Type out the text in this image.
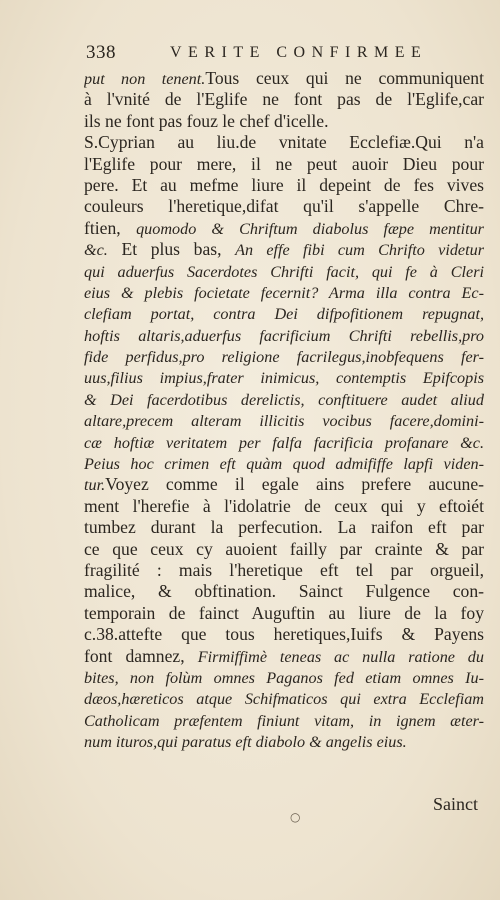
338	VERITE CONFIRMEE
put non tenent.Tous ceux qui ne communiquent
à l'vnité de l'Eglife ne font pas de l'Eglife,car
ils ne font pas fouz le chef d'icelle.
S.Cyprian au liu.de vnitate Ecclefiæ.Qui n'a
l'Eglife pour mere, il ne peut auoir Dieu pour
pere. Et au mefme liure il depeint de fes vives
couleurs l'heretique,difat qu'il s'appelle Chre-
ftien, quomodo & Chriftum diabolus fæpe mentitur
&c. Et plus bas, An effe fibi cum Chrifto videtur
qui aduerfus Sacerdotes Chrifti facit, qui fe à Cleri
eius & plebis focietate fecernit? Arma illa contra Ec-
clefiam portat, contra Dei difpofitionem repugnat,
hoftis altaris,aduerfus facrificium Chrifti rebellis,pro
fide perfidus,pro religione facrilegus,inobfequens fer-
uus,filius impius,frater inimicus, contemptis Epifcopis
& Dei facerdotibus derelictis, conftituere audet aliud
altare,precem alteram illicitis vocibus facere,domini-
cæ hoftiæ veritatem per falfa facrificia profanare &c.
Peius hoc crimen eft quàm quod admififfe lapfi viden-
tur.Voyez comme il egale ains prefere aucune-
ment l'herefie à l'idolatrie de ceux qui y eftoiét
tumbez durant la perfecution. La raifon eft par
ce que ceux cy auoient failly par crainte & par
fragilité : mais l'heretique eft tel par orgueil,
malice, & obftination. Sainct Fulgence con-
temporain de fainct Auguftin au liure de la foy
c.38.attefte que tous heretiques,Iuifs & Payens
font damnez, Firmiffimè teneas ac nulla ratione du
bites, non folùm omnes Paganos fed etiam omnes Iu-
dæos,hæreticos atque Schifmaticos qui extra Ecclefiam
Catholicam præfentem finiunt vitam, in ignem æter-
num ituros,qui paratus eft diabolo & angelis eius.
Sainct
○
